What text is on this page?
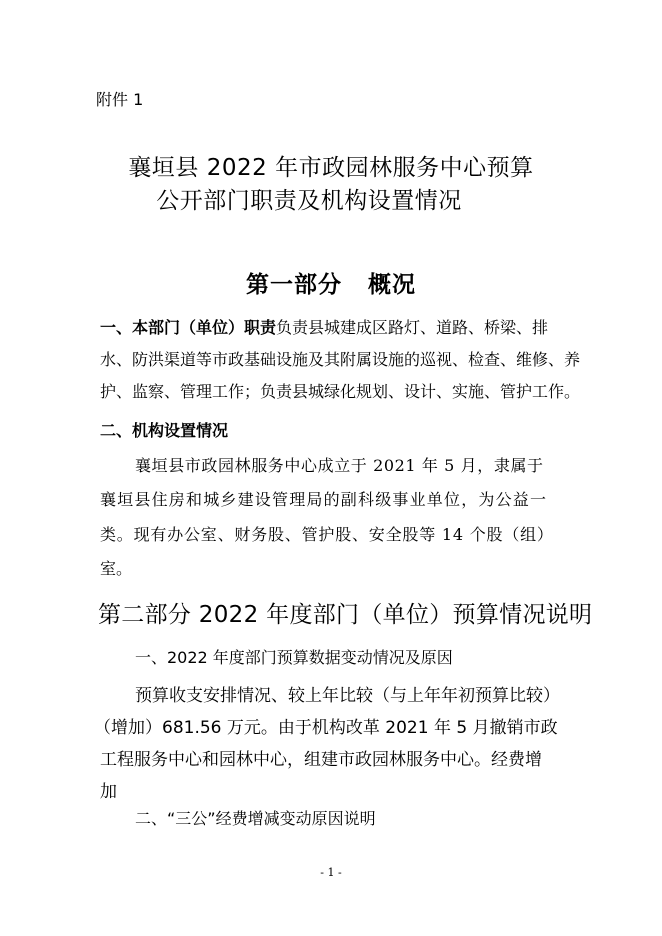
附件 1
襄垣县 2022 年市政园林服务中心预算
公开部门职责及机构设置情况
第一部分 概况
一、本部门（单位）职责负责县城建成区路灯、道路、桥梁、排
水、防洪渠道等市政基础设施及其附属设施的巡视、检查、维修、养
护、监察、管理工作；负责县城绿化规划、设计、实施、管护工作。
二、机构设置情况
襄垣县市政园林服务中心成立于 2021 年 5 月，隶属于
襄垣县住房和城乡建设管理局的副科级事业单位，为公益一
类。现有办公室、财务股、管护股、安全股等 14 个股（组）
室。
第二部分 2022 年度部门（单位）预算情况说明
一、2022 年度部门预算数据变动情况及原因
预算收支安排情况、较上年比较（与上年年初预算比较）
（增加）681.56 万元。由于机构改革 2021 年 5 月撤销市政
工程服务中心和园林中心，组建市政园林服务中心。经费增
加
二、“三公”经费增减变动原因说明
- 1 -
